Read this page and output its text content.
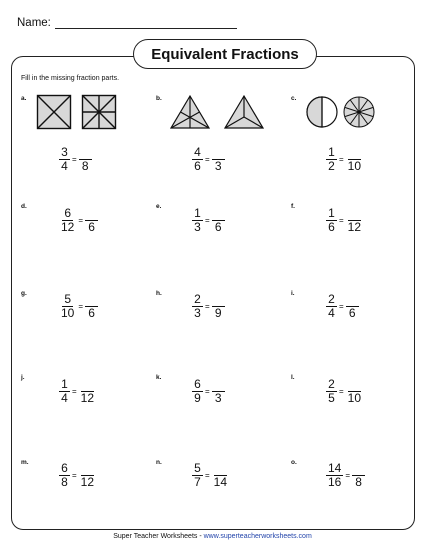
Name:
Equivalent Fractions
Fill in the missing fraction parts.
a.
$\frac{3}{4} = 8$
b.
$\frac{4}{6} = 3$
c.
$\frac{1}{2} = 10$
d.
$\frac{6}{12} = 6$
e.
$\frac{1}{3} = 6$
f.
$\frac{1}{6} = 12$
g.	$\frac{5}{10} = 6$
h.	$\frac{2}{3} = 9$
i.	$\frac{2}{4} = 6$
j.
$\frac{1}{4} = 12$
k.
$\frac{6}{9} = 3$
l.
$\frac{2}{5} = 10$
m.	$\frac{6}{8} = 12$
n.	$\frac{5}{7} = 14$
o. $\frac{14}{16} = 8$
Super Teacher Worksheets - www.superteacherworksheets.com
